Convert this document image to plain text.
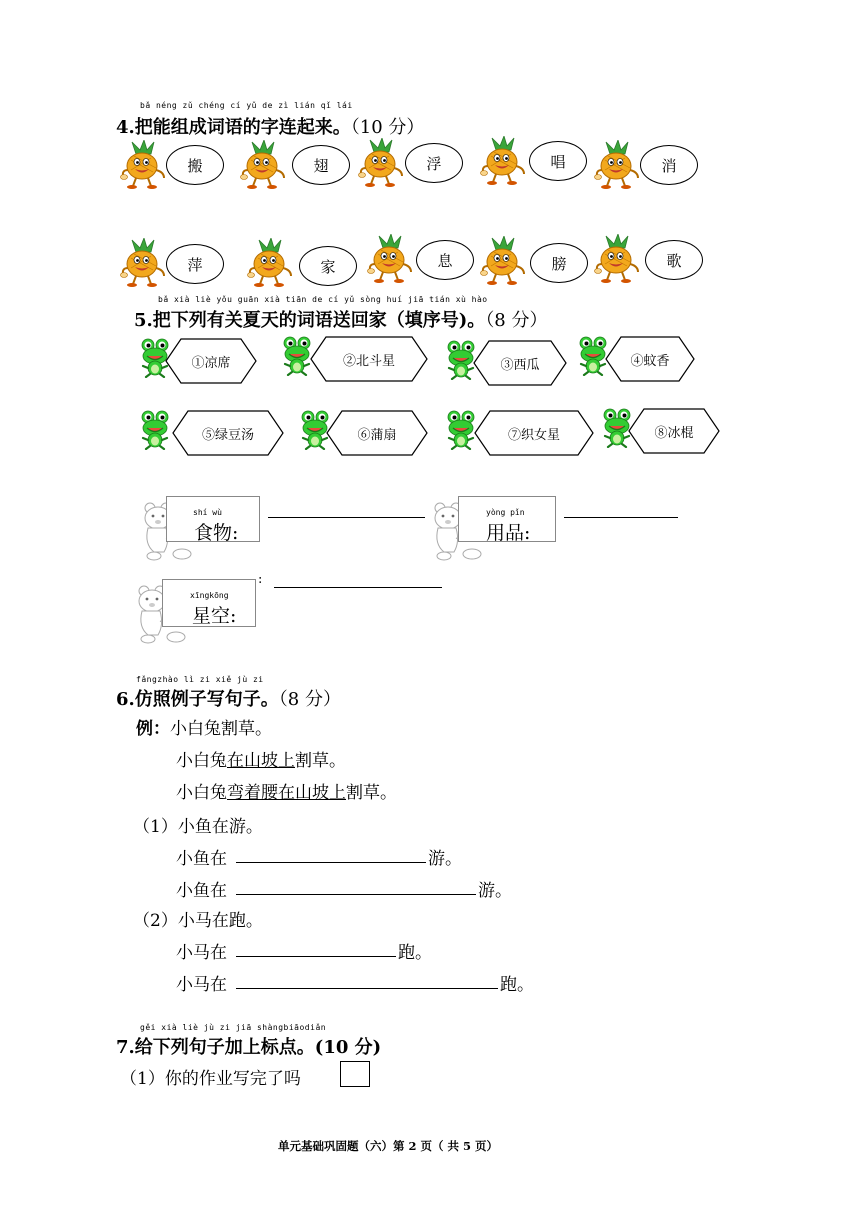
bǎ néng zǔ chéng cí yǔ de zì lián qǐ lái
4.把能组成词语的字连起来。（10 分）
搬	翅	浮	唱	消
萍	家	息	膀	歌
bǎ xià liè yǒu guān xià tiān de cí yǔ sòng huí jiā tián xù hào
5.把下列有关夏天的词语送回家（填序号)。（8 分）
①凉席	②北斗星	③西瓜	④蚊香
⑤绿豆汤	⑥蒲扇	⑦织女星	⑧冰棍
shí wù
食物:
yòng pǐn
用品:
xīngkōng
星空:
:
fǎngzhào lì zi xiě jù zi
6.仿照例子写句子。（8 分）
例：小白兔割草。
小白兔在山坡上割草。
小白兔弯着腰在山坡上割草。
（1）小鱼在游。
小鱼在	游。
小鱼在	游。
（2）小马在跑。
小马在	跑。
小马在	跑。
gěi xià liè jù zi jiā shàngbiāodiǎn
7.给下列句子加上标点。(10 分)
（1）你的作业写完了吗
单元基础巩固题（六）第 2 页（ 共 5 页）
